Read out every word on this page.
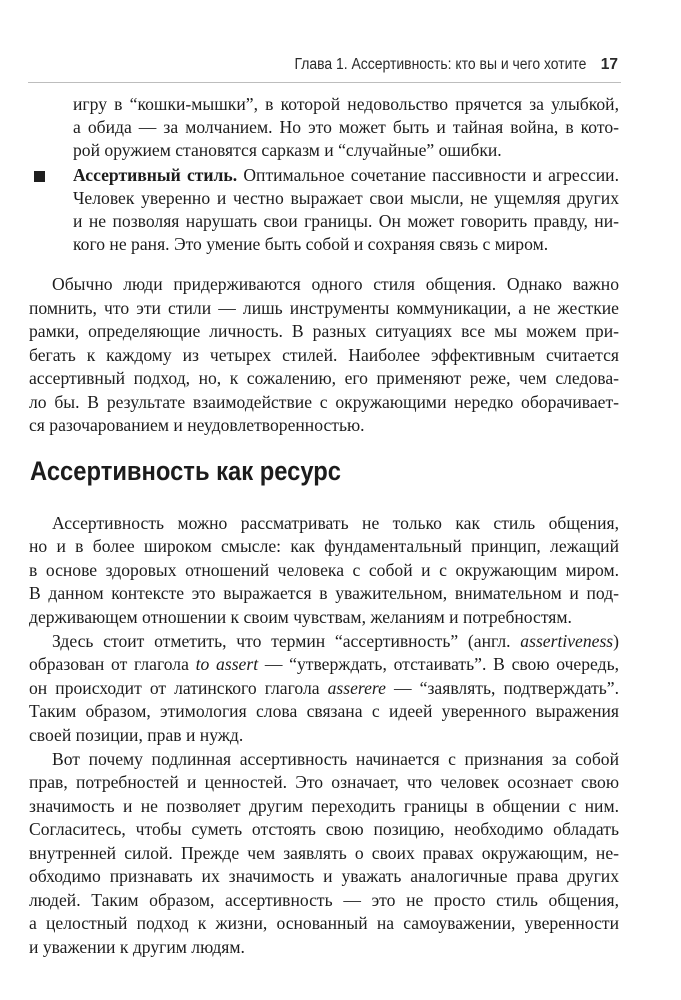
Глава 1. Ассертивность: кто вы и чего хотите 17
игру в “кошки-мышки”, в которой недовольство прячется за улыбкой,
а обида — за молчанием. Но это может быть и тайная война, в кото-
рой оружием становятся сарказм и “случайные” ошибки.
Ассертивный стиль. Оптимальное сочетание пассивности и агрессии.
Человек уверенно и честно выражает свои мысли, не ущемляя других
и не позволяя нарушать свои границы. Он может говорить правду, ни-
кого не раня. Это умение быть собой и сохраняя связь с миром.
Обычно люди придерживаются одного стиля общения. Однако важно
помнить, что эти стили — лишь инструменты коммуникации, а не жесткие
рамки, определяющие личность. В разных ситуациях все мы можем при-
бегать к каждому из четырех стилей. Наиболее эффективным считается
ассертивный подход, но, к сожалению, его применяют реже, чем следова-
ло бы. В результате взаимодействие с окружающими нередко оборачивает-
ся разочарованием и неудовлетворенностью.
Ассертивность как ресурс
Ассертивность можно рассматривать не только как стиль общения,
но и в более широком смысле: как фундаментальный принцип, лежащий
в основе здоровых отношений человека с собой и с окружающим миром.
В данном контексте это выражается в уважительном, внимательном и под-
держивающем отношении к своим чувствам, желаниям и потребностям.
Здесь стоит отметить, что термин “ассертивность” (англ. assertiveness)
образован от глагола to assert — “утверждать, отстаивать”. В свою очередь,
он происходит от латинского глагола asserere — “заявлять, подтверждать”.
Таким образом, этимология слова связана с идеей уверенного выражения
своей позиции, прав и нужд.
Вот почему подлинная ассертивность начинается с признания за собой
прав, потребностей и ценностей. Это означает, что человек осознает свою
значимость и не позволяет другим переходить границы в общении с ним.
Согласитесь, чтобы суметь отстоять свою позицию, необходимо обладать
внутренней силой. Прежде чем заявлять о своих правах окружающим, не-
обходимо признавать их значимость и уважать аналогичные права других
людей. Таким образом, ассертивность — это не просто стиль общения,
а целостный подход к жизни, основанный на самоуважении, уверенности
и уважении к другим людям.
